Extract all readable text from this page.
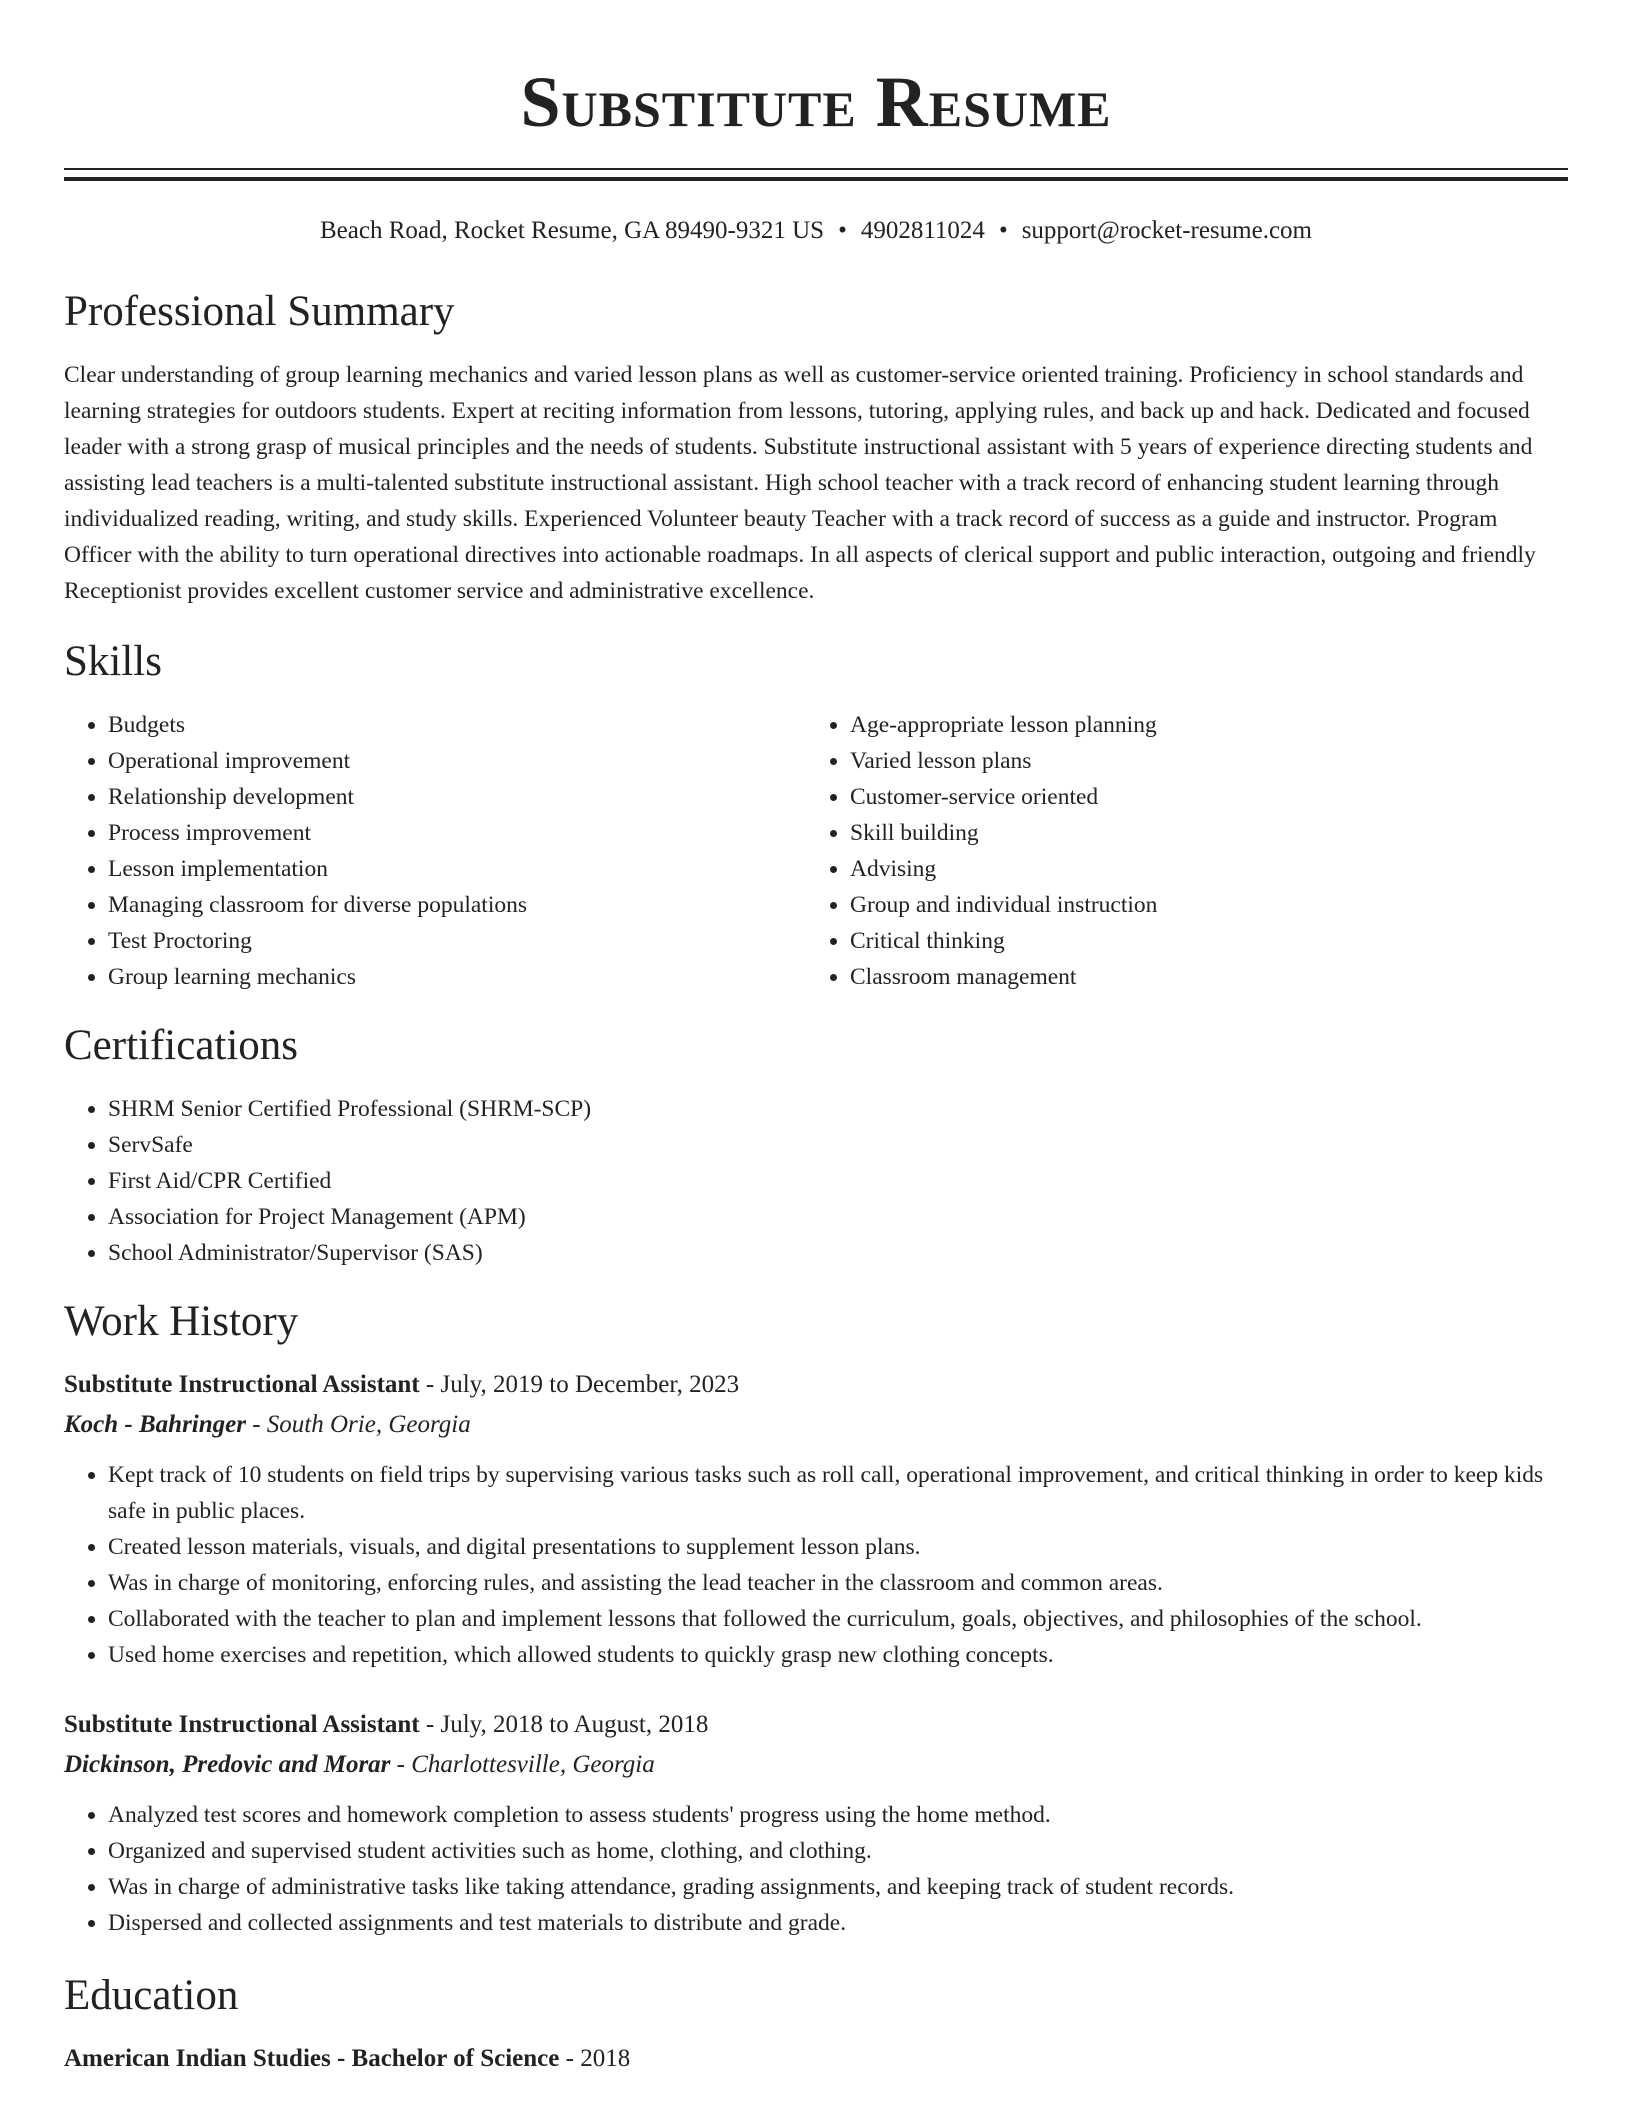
Substitute Resume
Beach Road, Rocket Resume, GA 89490-9321 US • 4902811024 • support@rocket-resume.com
Professional Summary
Clear understanding of group learning mechanics and varied lesson plans as well as customer-service oriented training. Proficiency in school standards and learning strategies for outdoors students. Expert at reciting information from lessons, tutoring, applying rules, and back up and hack. Dedicated and focused leader with a strong grasp of musical principles and the needs of students. Substitute instructional assistant with 5 years of experience directing students and assisting lead teachers is a multi-talented substitute instructional assistant. High school teacher with a track record of enhancing student learning through individualized reading, writing, and study skills. Experienced Volunteer beauty Teacher with a track record of success as a guide and instructor. Program Officer with the ability to turn operational directives into actionable roadmaps. In all aspects of clerical support and public interaction, outgoing and friendly Receptionist provides excellent customer service and administrative excellence.
Skills
• Budgets
• Operational improvement
• Relationship development
• Process improvement
• Lesson implementation
• Managing classroom for diverse populations
• Test Proctoring
• Group learning mechanics
• Age-appropriate lesson planning
• Varied lesson plans
• Customer-service oriented
• Skill building
• Advising
• Group and individual instruction
• Critical thinking
• Classroom management
Certifications
• SHRM Senior Certified Professional (SHRM-SCP)
• ServSafe
• First Aid/CPR Certified
• Association for Project Management (APM)
• School Administrator/Supervisor (SAS)
Work History
Substitute Instructional Assistant - July, 2019 to December, 2023
Koch - Bahringer - South Orie, Georgia
• Kept track of 10 students on field trips by supervising various tasks such as roll call, operational improvement, and critical thinking in order to keep kids safe in public places.
• Created lesson materials, visuals, and digital presentations to supplement lesson plans.
• Was in charge of monitoring, enforcing rules, and assisting the lead teacher in the classroom and common areas.
• Collaborated with the teacher to plan and implement lessons that followed the curriculum, goals, objectives, and philosophies of the school.
• Used home exercises and repetition, which allowed students to quickly grasp new clothing concepts.
Substitute Instructional Assistant - July, 2018 to August, 2018
Dickinson, Predovic and Morar - Charlottesville, Georgia
• Analyzed test scores and homework completion to assess students' progress using the home method.
• Organized and supervised student activities such as home, clothing, and clothing.
• Was in charge of administrative tasks like taking attendance, grading assignments, and keeping track of student records.
• Dispersed and collected assignments and test materials to distribute and grade.
Education
American Indian Studies - Bachelor of Science - 2018
